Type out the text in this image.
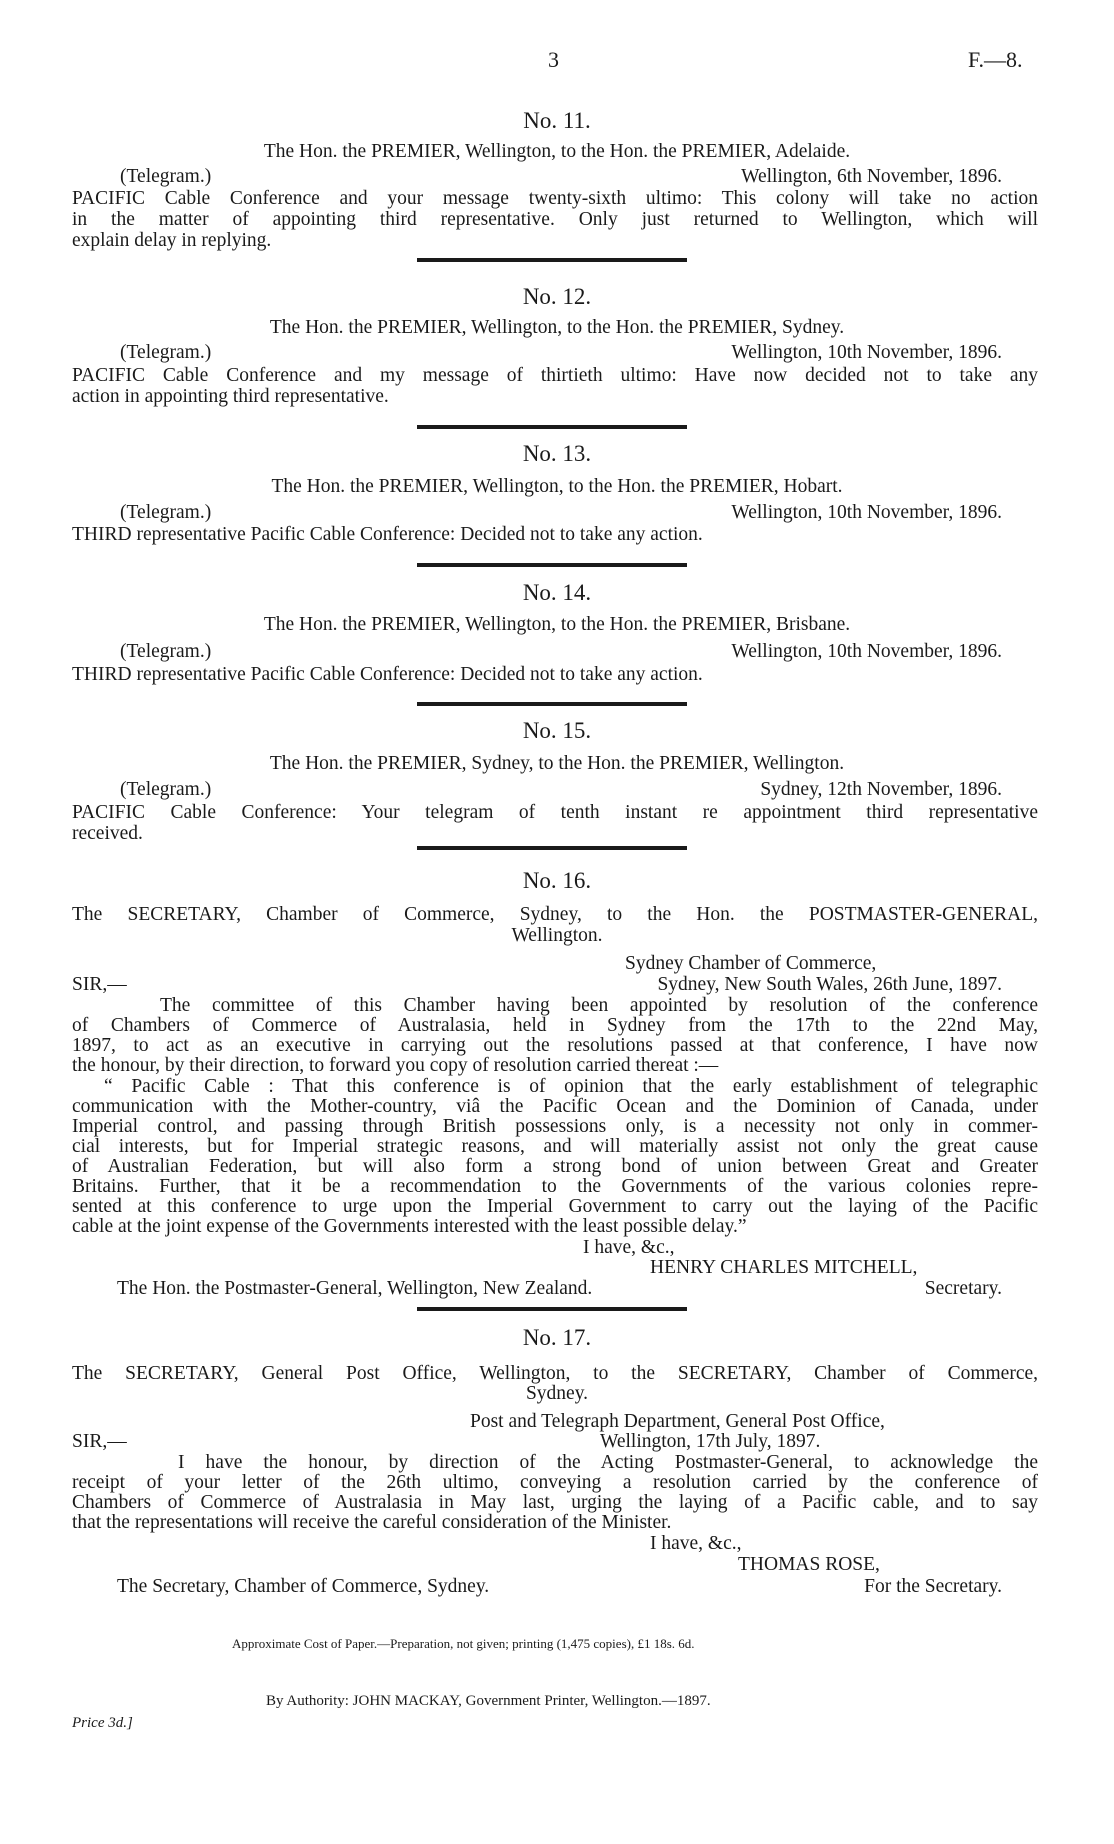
3	F.—8.
No. 11.
The Hon. the PREMIER, Wellington, to the Hon. the PREMIER, Adelaide.
(Telegram.)	Wellington, 6th November, 1896.
PACIFIC Cable Conference and your message twenty-sixth ultimo: This colony will take no action
in the matter of appointing third representative. Only just returned to Wellington, which will
explain delay in replying.
No. 12.
The Hon. the PREMIER, Wellington, to the Hon. the PREMIER, Sydney.
(Telegram.)	Wellington, 10th November, 1896.
PACIFIC Cable Conference and my message of thirtieth ultimo: Have now decided not to take any
action in appointing third representative.
No. 13.
The Hon. the PREMIER, Wellington, to the Hon. the PREMIER, Hobart.
(Telegram.)	Wellington, 10th November, 1896.
THIRD representative Pacific Cable Conference: Decided not to take any action.
No. 14.
The Hon. the PREMIER, Wellington, to the Hon. the PREMIER, Brisbane.
(Telegram.)	Wellington, 10th November, 1896.
THIRD representative Pacific Cable Conference: Decided not to take any action.
No. 15.
The Hon. the PREMIER, Sydney, to the Hon. the PREMIER, Wellington.
(Telegram.)	Sydney, 12th November, 1896.
PACIFIC Cable Conference: Your telegram of tenth instant re appointment third representative
received.
No. 16.
The SECRETARY, Chamber of Commerce, Sydney, to the Hon. the POSTMASTER-GENERAL,
Wellington.
Sydney Chamber of Commerce,
Sydney, New South Wales, 26th June, 1897.
SIR,—
The committee of this Chamber having been appointed by resolution of the conference
of Chambers of Commerce of Australasia, held in Sydney from the 17th to the 22nd May,
1897, to act as an executive in carrying out the resolutions passed at that conference, I have now
the honour, by their direction, to forward you copy of resolution carried thereat :—
“ Pacific Cable : That this conference is of opinion that the early establishment of telegraphic
communication with the Mother-country, viâ the Pacific Ocean and the Dominion of Canada, under
Imperial control, and passing through British possessions only, is a necessity not only in commer-
cial interests, but for Imperial strategic reasons, and will materially assist not only the great cause
of Australian Federation, but will also form a strong bond of union between Great and Greater
Britains. Further, that it be a recommendation to the Governments of the various colonies repre-
sented at this conference to urge upon the Imperial Government to carry out the laying of the Pacific
cable at the joint expense of the Governments interested with the least possible delay.”
I have, &c.,
HENRY CHARLES MITCHELL,
The Hon. the Postmaster-General, Wellington, New Zealand.	Secretary.
No. 17.
The SECRETARY, General Post Office, Wellington, to the SECRETARY, Chamber of Commerce,
Sydney.
Post and Telegraph Department, General Post Office,
Wellington, 17th July, 1897.
SIR,—
I have the honour, by direction of the Acting Postmaster-General, to acknowledge the
receipt of your letter of the 26th ultimo, conveying a resolution carried by the conference of
Chambers of Commerce of Australasia in May last, urging the laying of a Pacific cable, and to say
that the representations will receive the careful consideration of the Minister.
I have, &c.,
THOMAS ROSE,
The Secretary, Chamber of Commerce, Sydney.	For the Secretary.
Approximate Cost of Paper.—Preparation, not given; printing (1,475 copies), £1 18s. 6d.
By Authority: JOHN MACKAY, Government Printer, Wellington.—1897.
Price 3d.]
